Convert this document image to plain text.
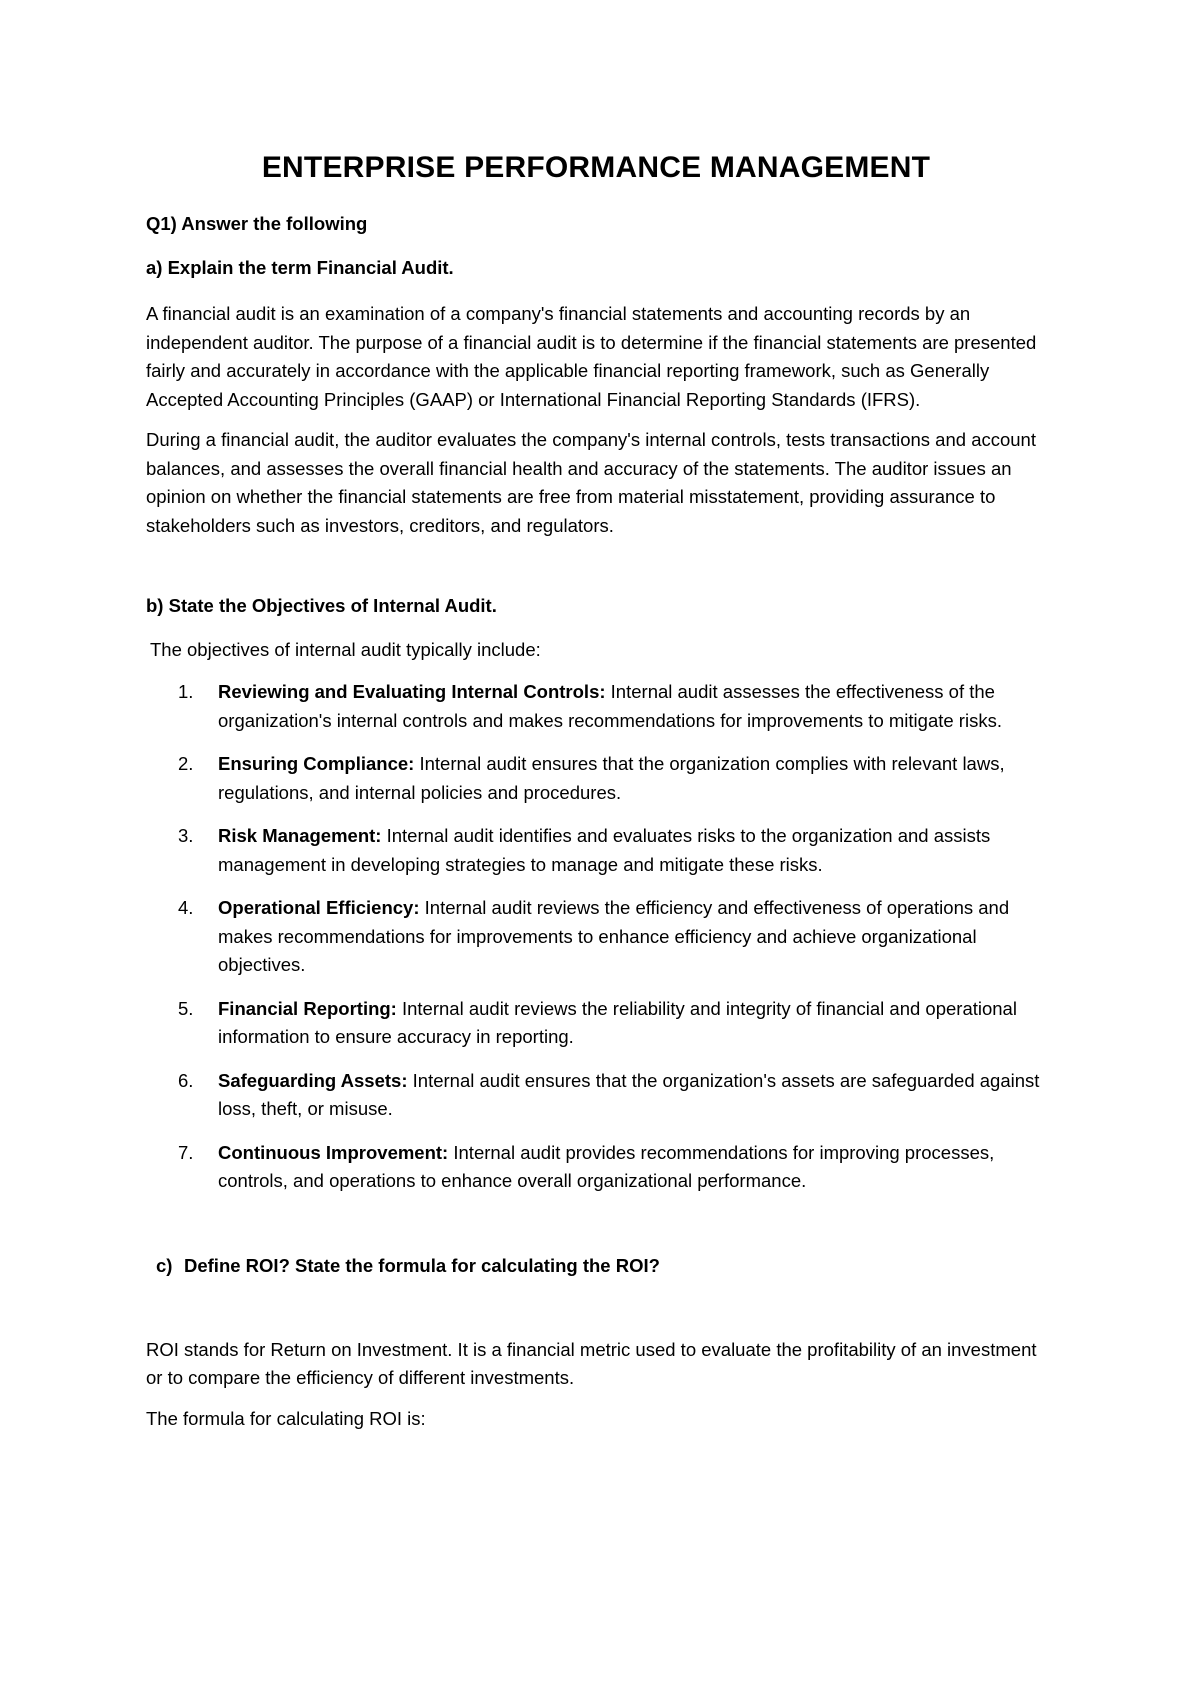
ENTERPRISE PERFORMANCE MANAGEMENT

Q1) Answer the following

a) Explain the term Financial Audit.

A financial audit is an examination of a company's financial statements and accounting records by an independent auditor. The purpose of a financial audit is to determine if the financial statements are presented fairly and accurately in accordance with the applicable financial reporting framework, such as Generally Accepted Accounting Principles (GAAP) or International Financial Reporting Standards (IFRS).

During a financial audit, the auditor evaluates the company's internal controls, tests transactions and account balances, and assesses the overall financial health and accuracy of the statements. The auditor issues an opinion on whether the financial statements are free from material misstatement, providing assurance to stakeholders such as investors, creditors, and regulators.

b) State the Objectives of Internal Audit.

The objectives of internal audit typically include:

1. Reviewing and Evaluating Internal Controls: Internal audit assesses the effectiveness of the organization's internal controls and makes recommendations for improvements to mitigate risks.
2. Ensuring Compliance: Internal audit ensures that the organization complies with relevant laws, regulations, and internal policies and procedures.
3. Risk Management: Internal audit identifies and evaluates risks to the organization and assists management in developing strategies to manage and mitigate these risks.
4. Operational Efficiency: Internal audit reviews the efficiency and effectiveness of operations and makes recommendations for improvements to enhance efficiency and achieve organizational objectives.
5. Financial Reporting: Internal audit reviews the reliability and integrity of financial and operational information to ensure accuracy in reporting.
6. Safeguarding Assets: Internal audit ensures that the organization's assets are safeguarded against loss, theft, or misuse.
7. Continuous Improvement: Internal audit provides recommendations for improving processes, controls, and operations to enhance overall organizational performance.

c) Define ROI? State the formula for calculating the ROI?

ROI stands for Return on Investment. It is a financial metric used to evaluate the profitability of an investment or to compare the efficiency of different investments.

The formula for calculating ROI is:
